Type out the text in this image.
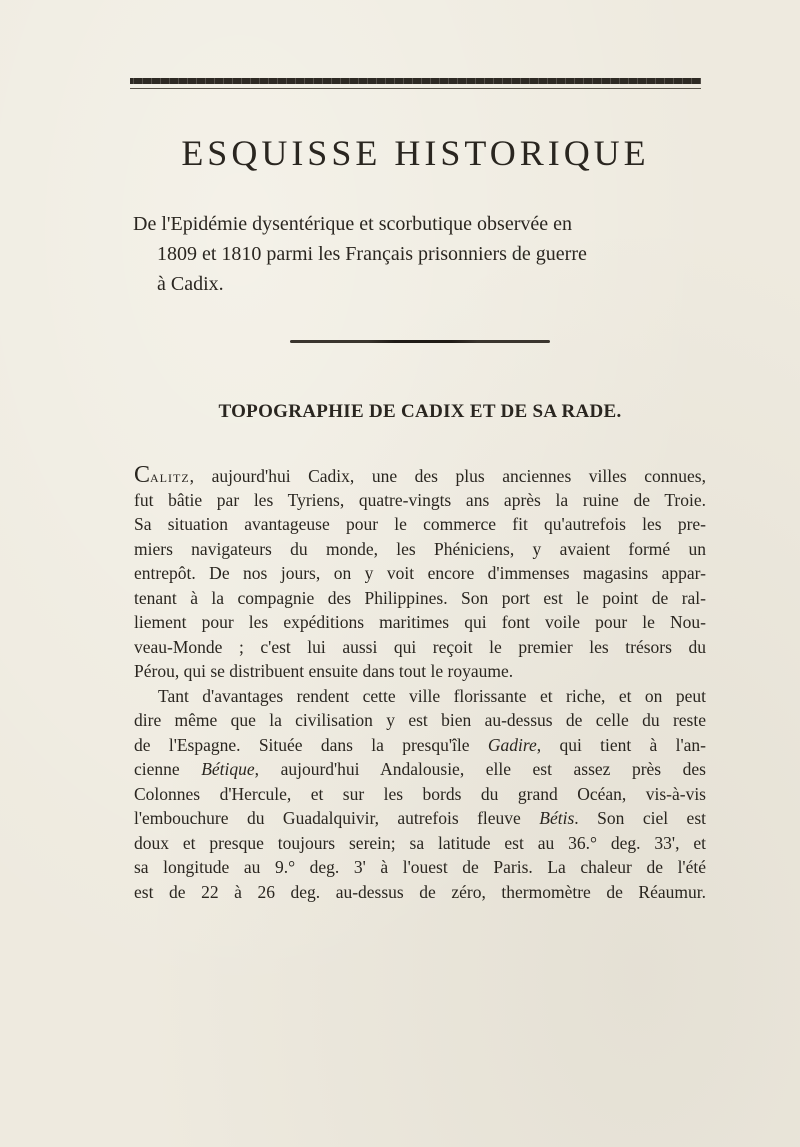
ESQUISSE HISTORIQUE

De l'Epidémie dysentérique et scorbutique observée en
1809 et 1810 parmi les Français prisonniers de guerre
à Cadix.

TOPOGRAPHIE DE CADIX ET DE SA RADE.
Calitz, aujourd'hui Cadix, une des plus anciennes villes connues,
fut bâtie par les Tyriens, quatre-vingts ans après la ruine de Troie.
Sa situation avantageuse pour le commerce fit qu'autrefois les pre-
miers navigateurs du monde, les Phéniciens, y avaient formé un
entrepôt. De nos jours, on y voit encore d'immenses magasins appar-
tenant à la compagnie des Philippines. Son port est le point de ral-
liement pour les expéditions maritimes qui font voile pour le Nou-
veau-Monde ; c'est lui aussi qui reçoit le premier les trésors du
Pérou, qui se distribuent ensuite dans tout le royaume.
Tant d'avantages rendent cette ville florissante et riche, et on peut
dire même que la civilisation y est bien au-dessus de celle du reste
de l'Espagne. Située dans la presqu'île Gadire, qui tient à l'an-
cienne Bétique, aujourd'hui Andalousie, elle est assez près des
Colonnes d'Hercule, et sur les bords du grand Océan, vis-à-vis
l'embouchure du Guadalquivir, autrefois fleuve Bétis. Son ciel est
doux et presque toujours serein; sa latitude est au 36.° deg. 33', et
sa longitude au 9.° deg. 3' à l'ouest de Paris. La chaleur de l'été
est de 22 à 26 deg. au-dessus de zéro, thermomètre de Réaumur.
